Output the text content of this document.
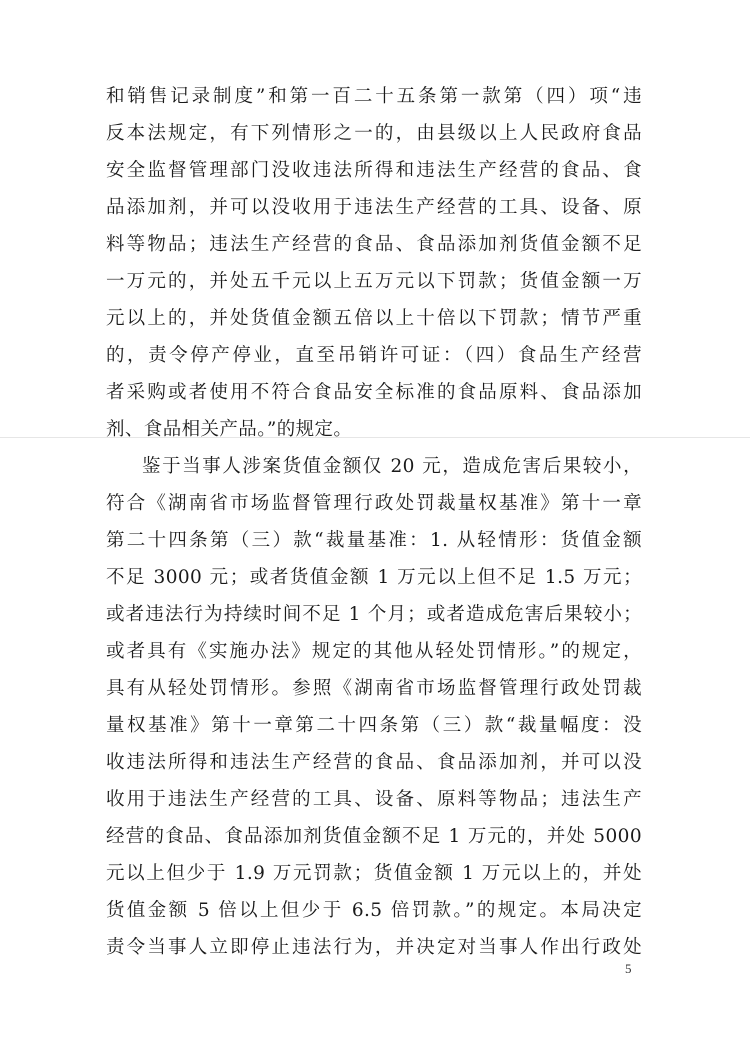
和销售记录制度”和第一百二十五条第一款第（四）项“违
反本法规定，有下列情形之一的，由县级以上人民政府食品
安全监督管理部门没收违法所得和违法生产经营的食品、食
品添加剂，并可以没收用于违法生产经营的工具、设备、原
料等物品；违法生产经营的食品、食品添加剂货值金额不足
一万元的，并处五千元以上五万元以下罚款；货值金额一万
元以上的，并处货值金额五倍以上十倍以下罚款；情节严重
的，责令停产停业，直至吊销许可证：（四）食品生产经营
者采购或者使用不符合食品安全标准的食品原料、食品添加
剂、食品相关产品。”的规定。
鉴于当事人涉案货值金额仅 20 元，造成危害后果较小，
符合《湖南省市场监督管理行政处罚裁量权基准》第十一章
第二十四条第（三）款“裁量基准：1. 从轻情形：货值金额
不足 3000 元；或者货值金额 1 万元以上但不足 1.5 万元；
或者违法行为持续时间不足 1 个月；或者造成危害后果较小；
或者具有《实施办法》规定的其他从轻处罚情形。”的规定，
具有从轻处罚情形。参照《湖南省市场监督管理行政处罚裁
量权基准》第十一章第二十四条第（三）款“裁量幅度：没
收违法所得和违法生产经营的食品、食品添加剂，并可以没
收用于违法生产经营的工具、设备、原料等物品；违法生产
经营的食品、食品添加剂货值金额不足 1 万元的，并处 5000
元以上但少于 1.9 万元罚款；货值金额 1 万元以上的，并处
货值金额 5 倍以上但少于 6.5 倍罚款。”的规定。本局决定
责令当事人立即停止违法行为，并决定对当事人作出行政处
5
